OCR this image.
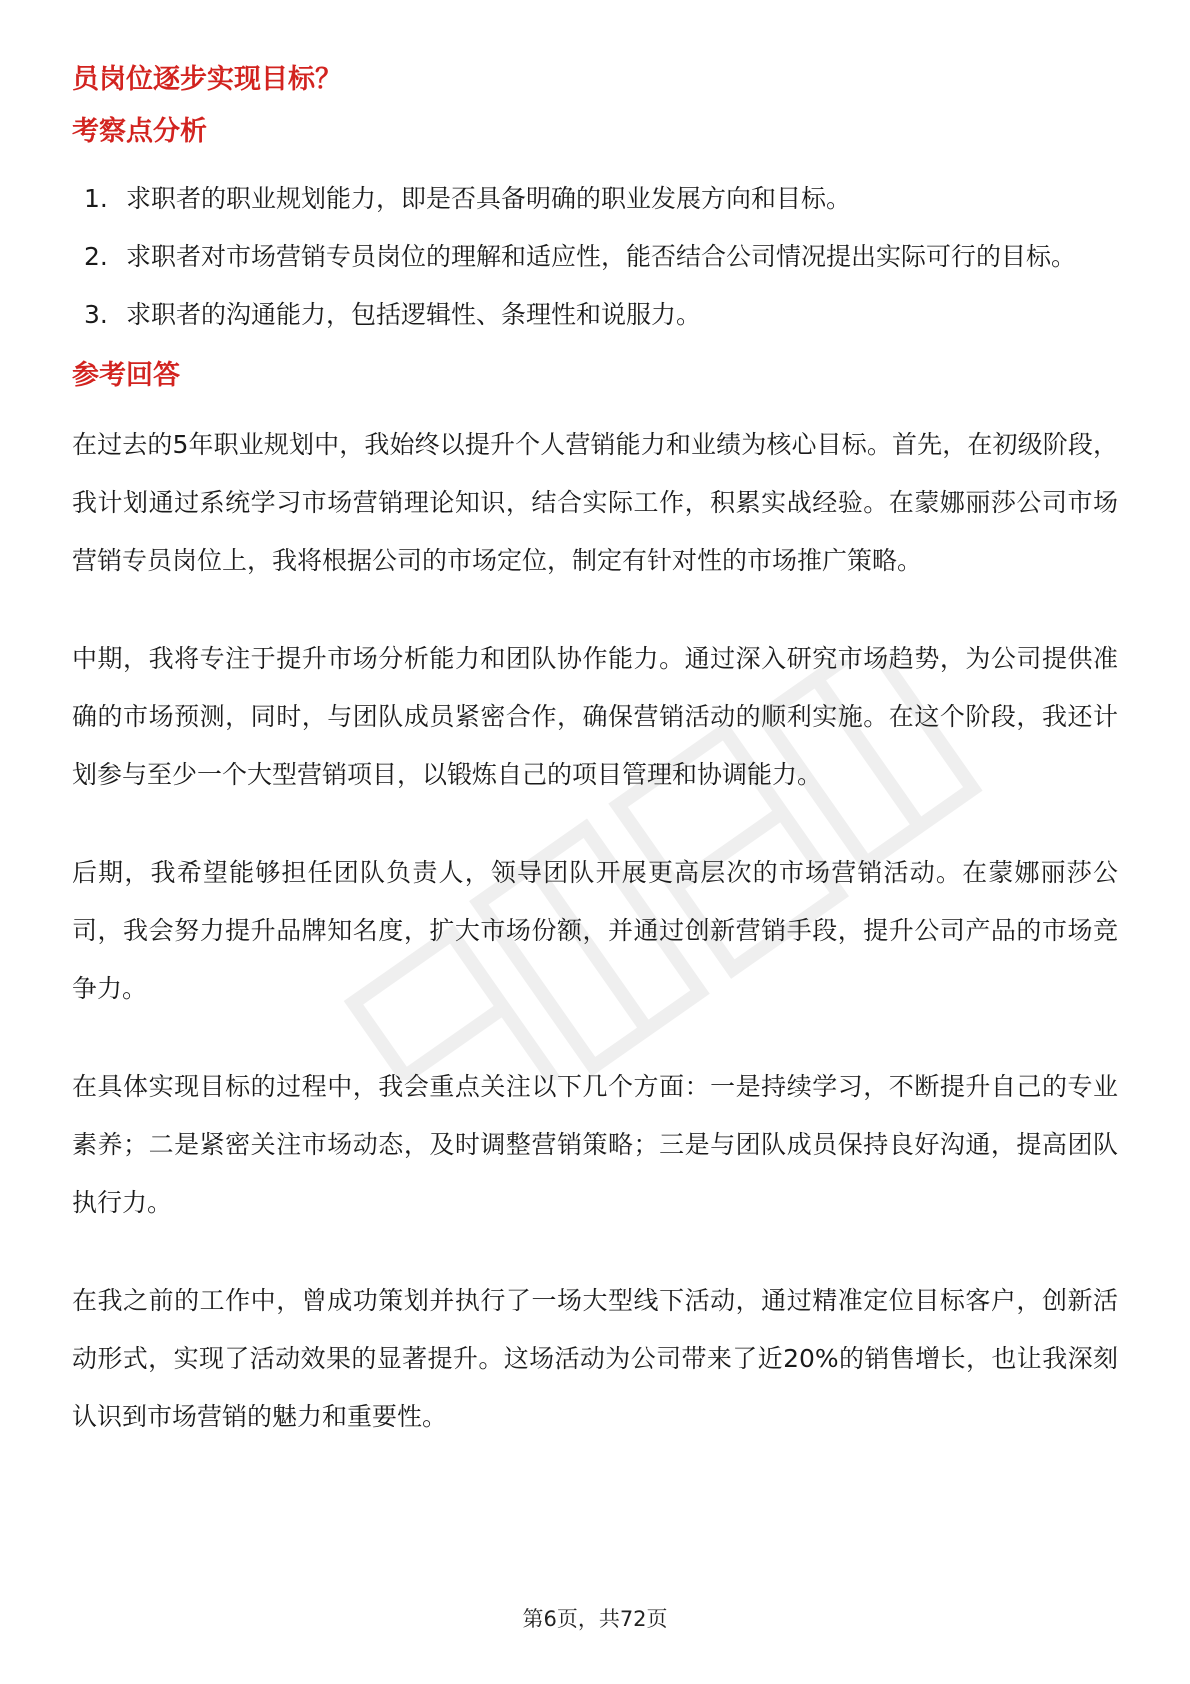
员岗位逐步实现目标？
考察点分析
1. 求职者的职业规划能力，即是否具备明确的职业发展方向和目标。
2. 求职者对市场营销专员岗位的理解和适应性，能否结合公司情况提出实际可行的目标。
3. 求职者的沟通能力，包括逻辑性、条理性和说服力。
参考回答

在过去的5年职业规划中，我始终以提升个人营销能力和业绩为核心目标。首先，在初级阶段，我计划通过系统学习市场营销理论知识，结合实际工作，积累实战经验。在蒙娜丽莎公司市场营销专员岗位上，我将根据公司的市场定位，制定有针对性的市场推广策略。

中期，我将专注于提升市场分析能力和团队协作能力。通过深入研究市场趋势，为公司提供准确的市场预测，同时，与团队成员紧密合作，确保营销活动的顺利实施。在这个阶段，我还计划参与至少一个大型营销项目，以锻炼自己的项目管理和协调能力。

后期，我希望能够担任团队负责人，领导团队开展更高层次的市场营销活动。在蒙娜丽莎公司，我会努力提升品牌知名度，扩大市场份额，并通过创新营销手段，提升公司产品的市场竞争力。

在具体实现目标的过程中，我会重点关注以下几个方面：一是持续学习，不断提升自己的专业素养；二是紧密关注市场动态，及时调整营销策略；三是与团队成员保持良好沟通，提高团队执行力。

在我之前的工作中，曾成功策划并执行了一场大型线下活动，通过精准定位目标客户，创新活动形式，实现了活动效果的显著提升。这场活动为公司带来了近20%的销售增长，也让我深刻认识到市场营销的魅力和重要性。

第6页，共72页
